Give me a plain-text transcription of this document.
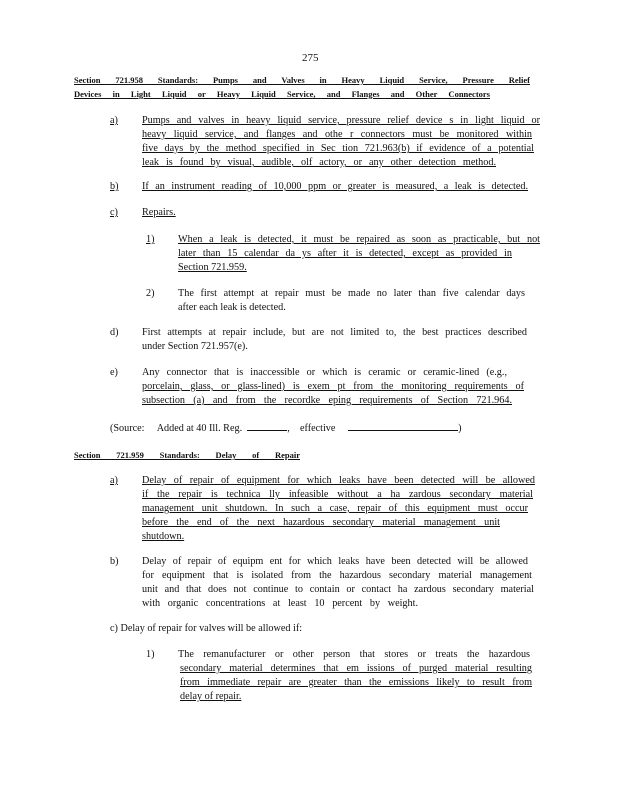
275
Section 721.958 Standards: Pumps and Valves in Heavy Liquid Service, Pressure Relief
Devices in Light Liquid or Heavy Liquid Service, and Flanges and Other Connectors
a) Pumps and valves in heavy liquid service, pressure relief device s in light liquid or
heavy liquid service, and flanges and othe r connectors must be monitored within
five days by the method specified in Sec tion 721.963(b) if evidence of a potential
leak is found by visual, audible, olf actory, or any other detection method.
b) If an instrument reading of 10,000 ppm or greater is measured, a leak is detected.
c) Repairs.
1) When a leak is detected, it must be repaired as soon as practicable, but not
later than 15 calendar da ys after it is detected, except as provided in
Section 721.959.
2) The first attempt at repair must be made no later than five calendar days
after each leak is detected.
d) First attempts at repair include, but are not limited to, the best practices described
under Section 721.957(e).
e) Any connector that is inaccessible or which is ceramic or ceramic-lined (e.g.,
porcelain, glass, or glass-lined) is exem pt from the monitoring requirements of
subsection (a) and from the recordke eping requirements of Section 721.964.
(Source: Added at 40 Ill. Reg.	, effective	)
Section 721.959 Standards: Delay of Repair
a) Delay of repair of equipment for which leaks have been detected will be allowed
if the repair is technica lly infeasible without a ha zardous secondary material
management unit shutdown. In such a case, repair of this equipment must occur
before the end of the next hazardous secondary material management unit
shutdown.
b) Delay of repair of equipm ent for which leaks have been detected will be allowed
for equipment that is isolated from the hazardous secondary material management
unit and that does not continue to contain or contact ha zardous secondary material
with organic concentrations at least 10 percent by weight.
c) Delay of repair for valves will be allowed if:
1) The remanufacturer or other person that stores or treats the hazardous
secondary material determines that em issions of purged material resulting
from immediate repair are greater than the emissions likely to result from
delay of repair.
